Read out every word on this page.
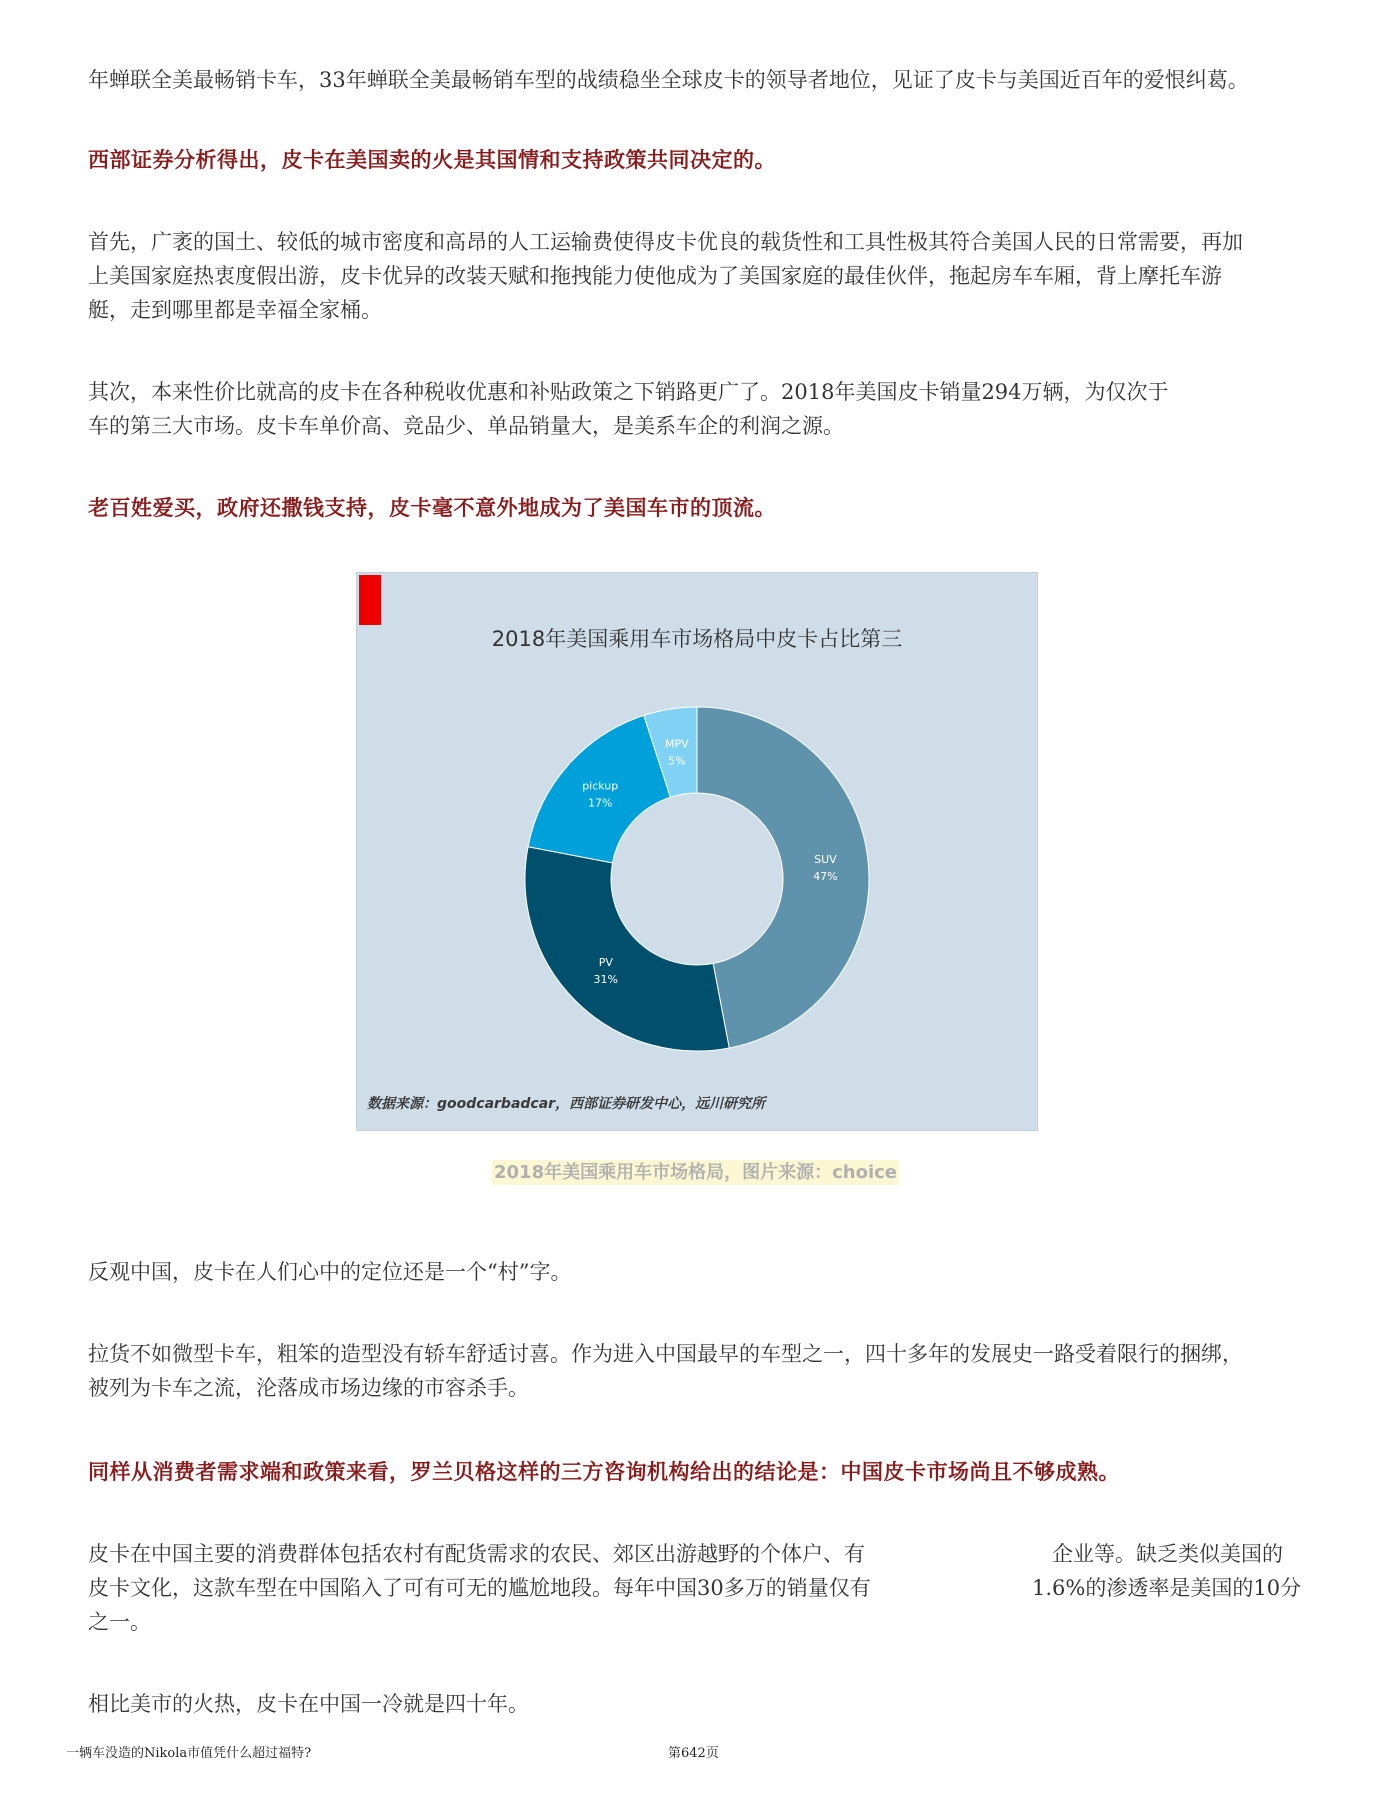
年蝉联全美最畅销卡车，33年蝉联全美最畅销车型的战绩稳坐全球皮卡的领导者地位，见证了皮卡与美国近百年的爱恨纠葛。

西部证券分析得出，皮卡在美国卖的火是其国情和支持政策共同决定的。

首先，广袤的国土、较低的城市密度和高昂的人工运输费使得皮卡优良的载货性和工具性极其符合美国人民的日常需要，再加

上美国家庭热衷度假出游，皮卡优异的改装天赋和拖拽能力使他成为了美国家庭的最佳伙伴，拖起房车车厢，背上摩托车游

艇，走到哪里都是幸福全家桶。

其次，本来性价比就高的皮卡在各种税收优惠和补贴政策之下销路更广了。2018年美国皮卡销量294万辆，为仅次于

车的第三大市场。皮卡车单价高、竞品少、单品销量大，是美系车企的利润之源。

老百姓爱买，政府还撒钱支持，皮卡毫不意外地成为了美国车市的顶流。

2018年美国乘用车市场格局中皮卡占比第三
SUV
47%
PV
31%
pickup
17%
MPV
5%
数据来源：goodcarbadcar，西部证券研发中心，远川研究所
2018年美国乘用车市场格局，图片来源：choice

反观中国，皮卡在人们心中的定位还是一个“村”字。

拉货不如微型卡车，粗笨的造型没有轿车舒适讨喜。作为进入中国最早的车型之一，四十多年的发展史一路受着限行的捆绑，

被列为卡车之流，沦落成市场边缘的市容杀手。

同样从消费者需求端和政策来看，罗兰贝格这样的三方咨询机构给出的结论是：中国皮卡市场尚且不够成熟。

皮卡在中国主要的消费群体包括农村有配货需求的农民、郊区出游越野的个体户、有	企业等。缺乏类似美国的

皮卡文化，这款车型在中国陷入了可有可无的尴尬地段。每年中国30多万的销量仅有	1.6%的渗透率是美国的10分

之一。

相比美市的火热，皮卡在中国一冷就是四十年。

一辆车没造的Nikola市值凭什么超过福特?	第642页
